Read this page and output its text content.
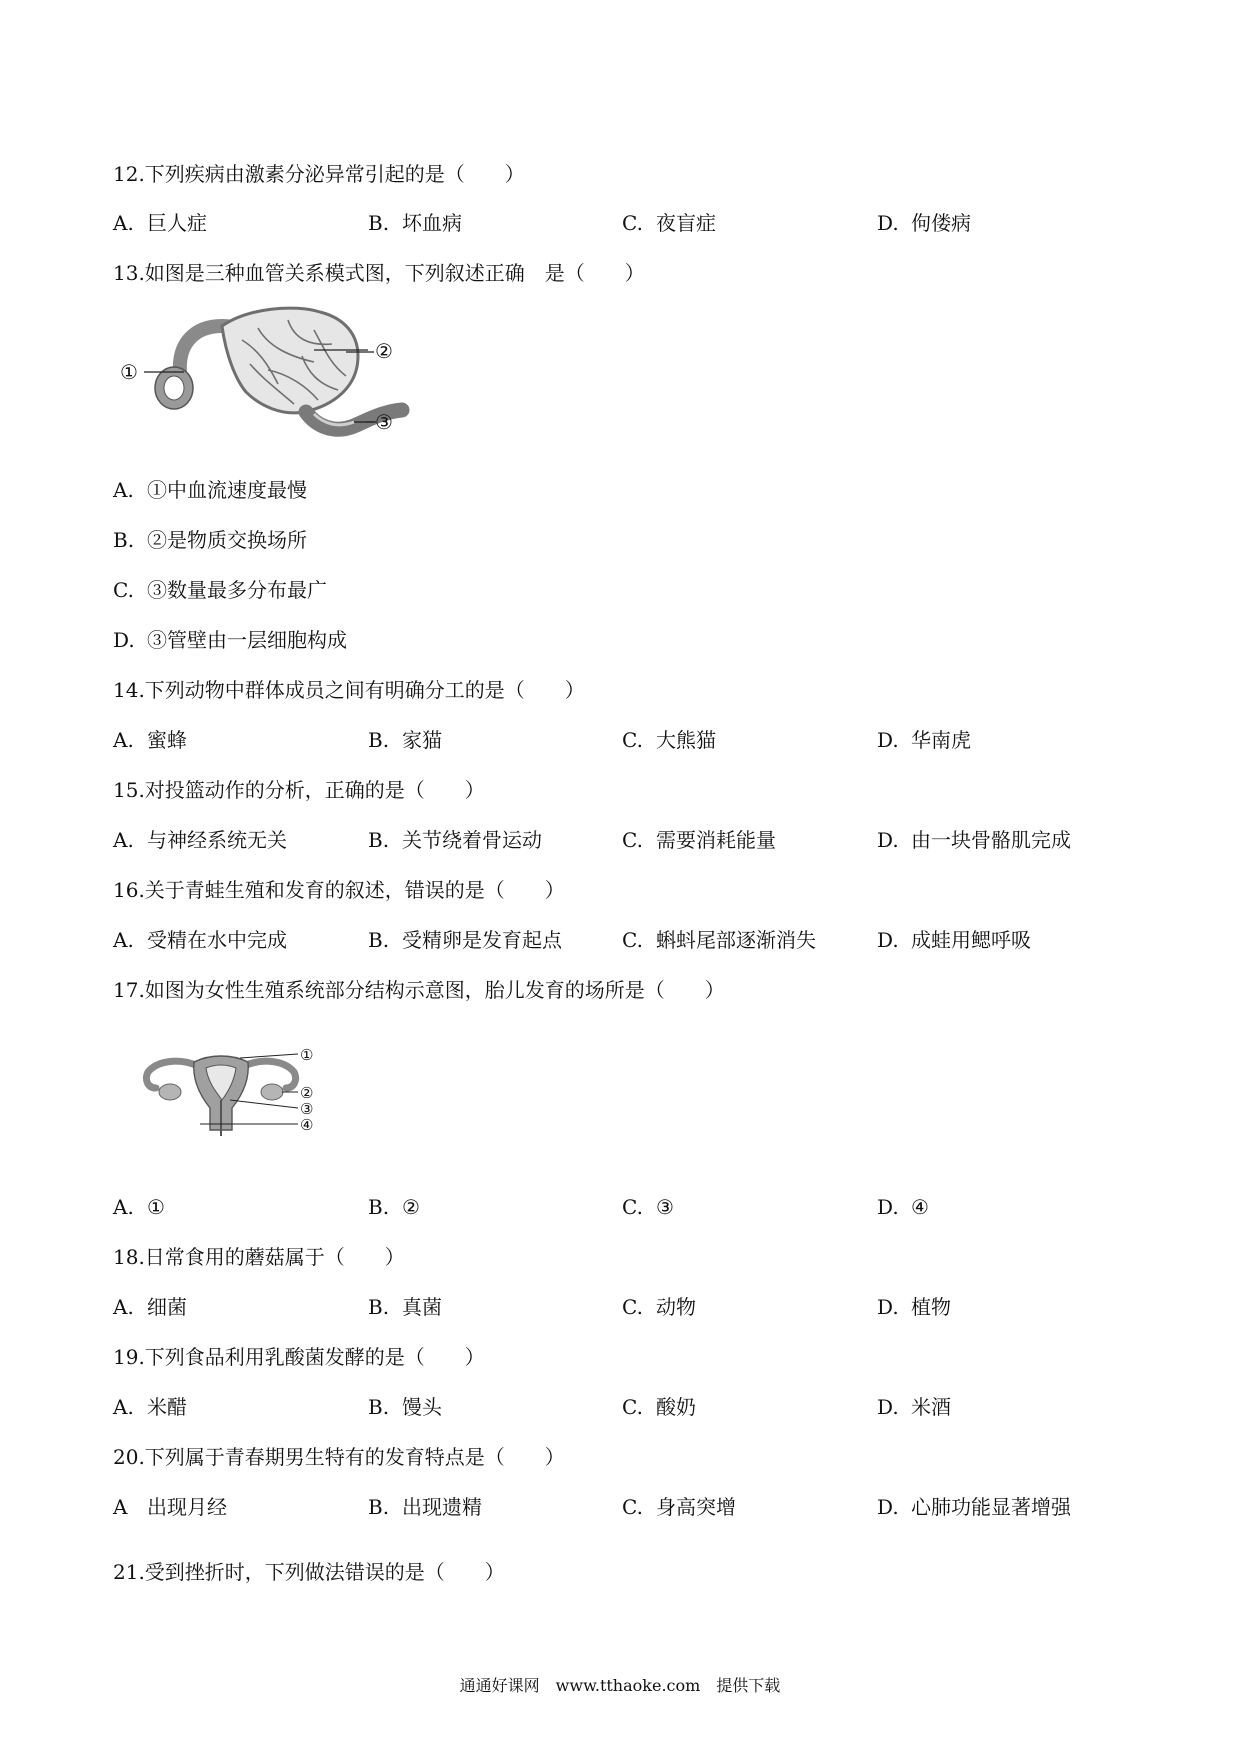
12.下列疾病由激素分泌异常引起的是（　　）
A. 巨人症	B. 坏血病	C. 夜盲症	D. 佝偻病
13.如图是三种血管关系模式图，下列叙述正确　是（　　）
①
②
③
A. ①中血流速度最慢
B. ②是物质交换场所
C. ③数量最多分布最广
D. ③管壁由一层细胞构成
14.下列动物中群体成员之间有明确分工的是（　　）
A. 蜜蜂	B. 家猫	C. 大熊猫	D. 华南虎
15.对投篮动作的分析，正确的是（　　）
A. 与神经系统无关	B. 关节绕着骨运动	C. 需要消耗能量	D. 由一块骨骼肌完成
16.关于青蛙生殖和发育的叙述，错误的是（　　）
A. 受精在水中完成	B. 受精卵是发育起点	C. 蝌蚪尾部逐渐消失	D. 成蛙用鳃呼吸
17.如图为女性生殖系统部分结构示意图，胎儿发育的场所是（　　）
①
②
③
④
A. ①	B. ②	C. ③	D. ④
18.日常食用的蘑菇属于（　　）
A. 细菌	B. 真菌	C. 动物	D. 植物
19.下列食品利用乳酸菌发酵的是（　　）
A. 米醋	B. 馒头	C. 酸奶	D. 米酒
20.下列属于青春期男生特有的发育特点是（　　）
A 出现月经	B. 出现遗精	C. 身高突增	D. 心肺功能显著增强
21.受到挫折时，下列做法错误的是（　　）
通通好课网　www.tthaoke.com　提供下载
